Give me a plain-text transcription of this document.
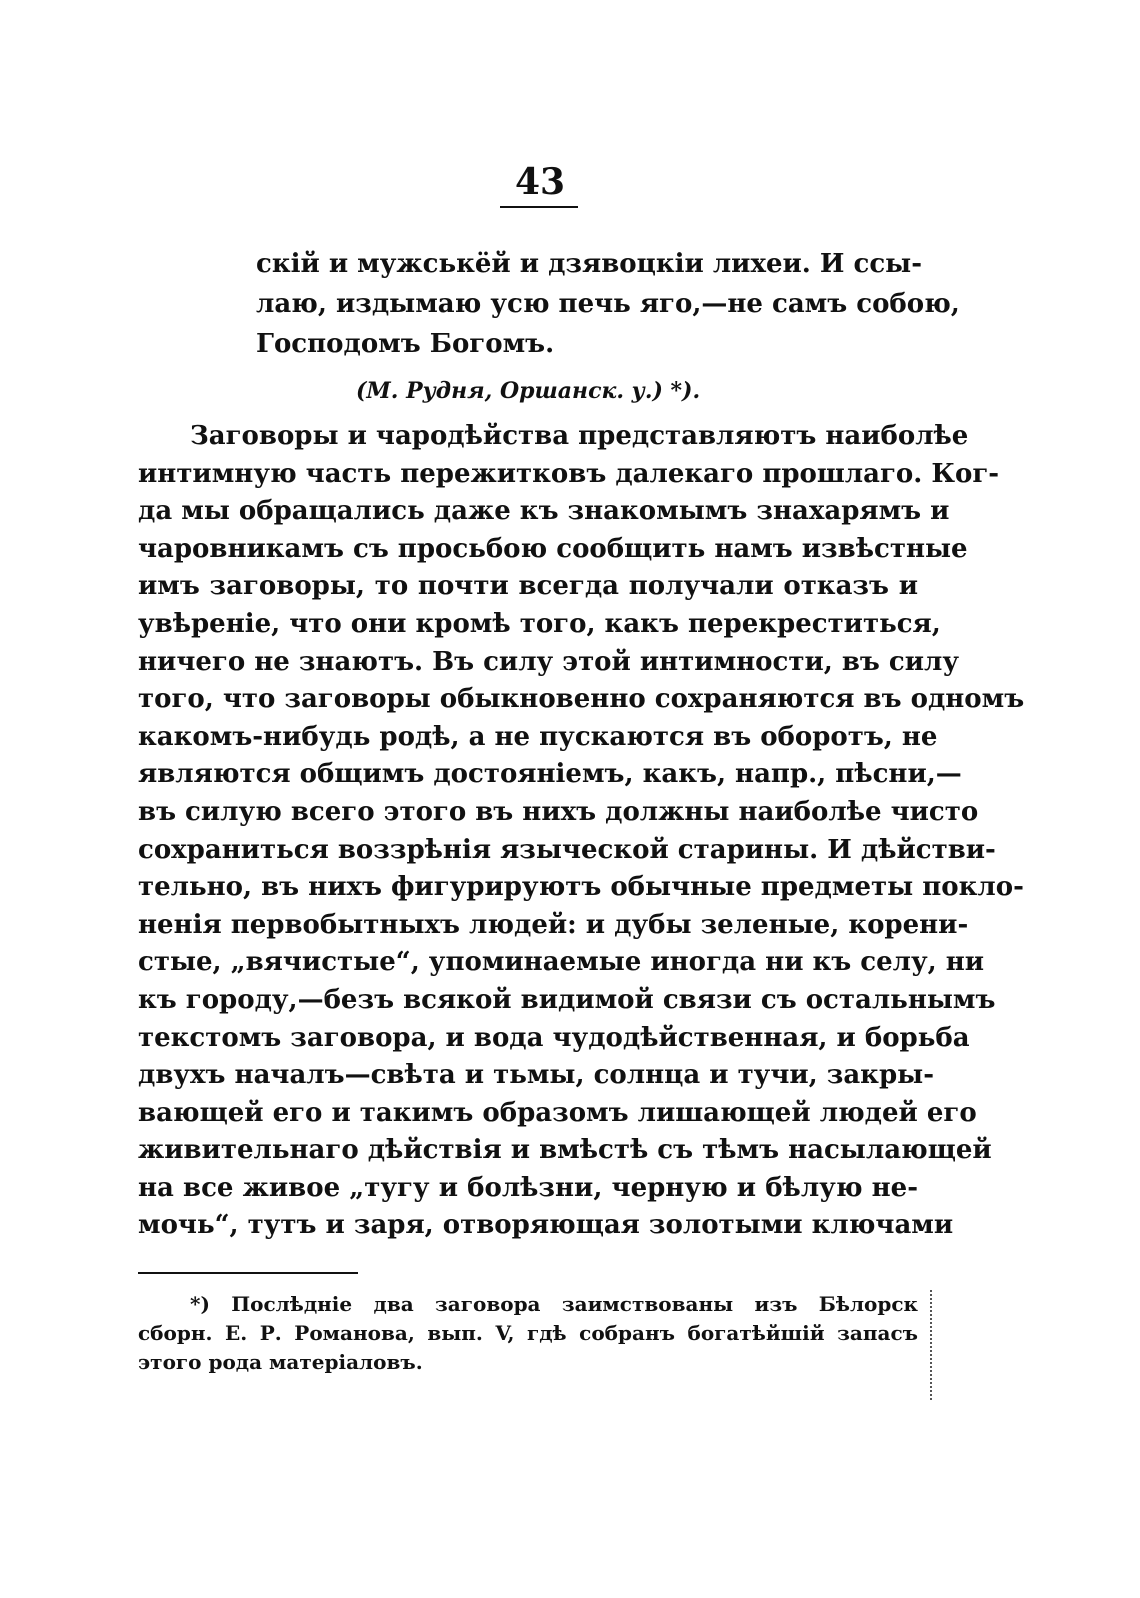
43
скій и мужськёй и дзявоцкіи лихеи. И ссы-
лаю, издымаю усю печь яго,—не самъ собою,
Господомъ Богомъ.
(М. Рудня, Оршанск. у.) *).
Заговоры и чародѣйства представляютъ наиболѣе
интимную часть пережитковъ далекаго прошлаго. Ког-
да мы обращались даже къ знакомымъ знахарямъ и
чаровникамъ съ просьбою сообщить намъ извѣстные
имъ заговоры, то почти всегда получали отказъ и
увѣреніе, что они кромѣ того, какъ перекреститься,
ничего не знаютъ. Въ силу этой интимности, въ силу
того, что заговоры обыкновенно сохраняются въ одномъ
какомъ-нибудь родѣ, а не пускаются въ оборотъ, не
являются общимъ достояніемъ, какъ, напр., пѣсни,—
въ силую всего этого въ нихъ должны наиболѣе чисто
сохраниться воззрѣнія языческой старины. И дѣйстви-
тельно, въ нихъ фигурируютъ обычные предметы покло-
ненія первобытныхъ людей: и дубы зеленые, корени-
стые, „вячистые“, упоминаемые иногда ни къ селу, ни
къ городу,—безъ всякой видимой связи съ остальнымъ
текстомъ заговора, и вода чудодѣйственная, и борьба
двухъ началъ—свѣта и тьмы, солнца и тучи, закры-
вающей его и такимъ образомъ лишающей людей его
живительнаго дѣйствія и вмѣстѣ съ тѣмъ насылающей
на все живое „тугу и болѣзни, черную и бѣлую не-
мочь“, тутъ и заря, отворяющая золотыми ключами
*) Послѣдніе два заговора заимствованы изъ Бѣлорск
сборн. Е. Р. Романова, вып. V, гдѣ собранъ богатѣйшій запасъ
этого рода матеріаловъ.
